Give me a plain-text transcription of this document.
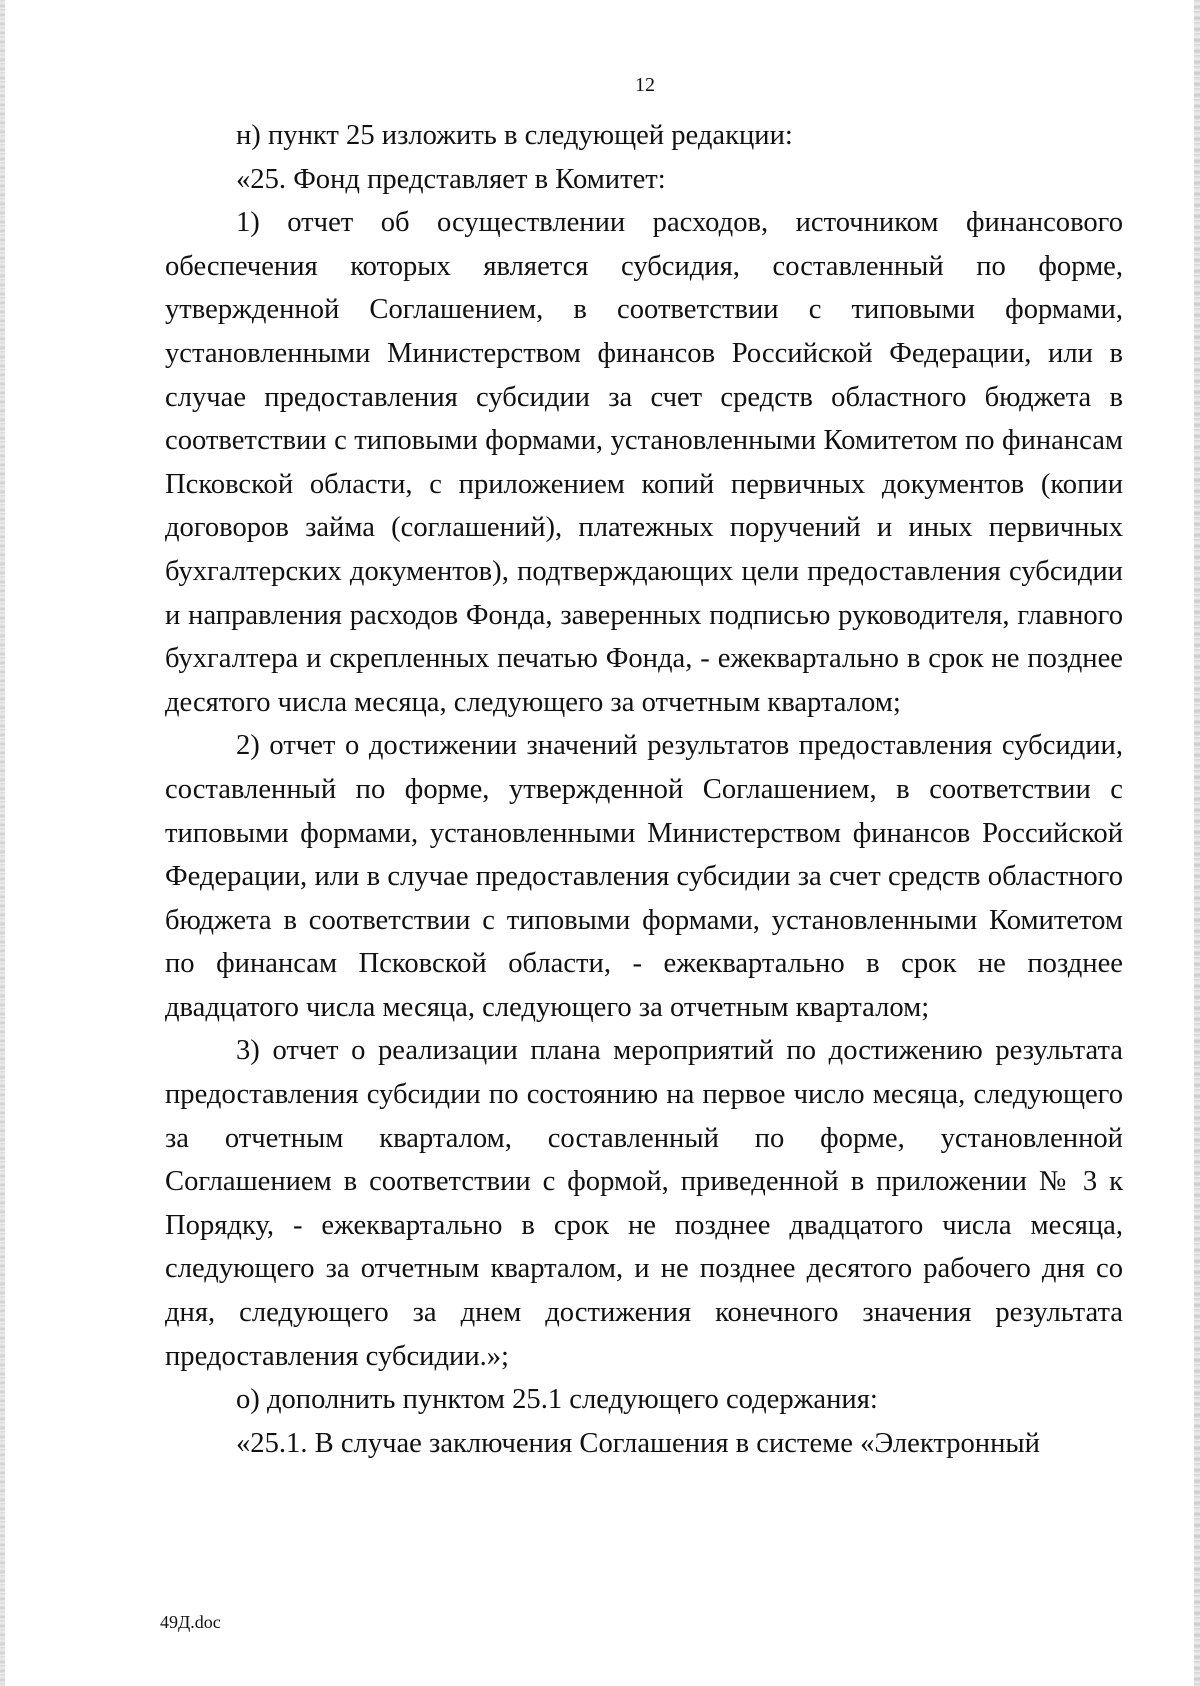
12

н) пункт 25 изложить в следующей редакции:

«25. Фонд представляет в Комитет:

1) отчет об осуществлении расходов, источником финансового обеспечения которых является субсидия, составленный по форме, утвержденной Соглашением, в соответствии с типовыми формами, установленными Министерством финансов Российской Федерации, или в случае предоставления субсидии за счет средств областного бюджета в соответствии с типовыми формами, установленными Комитетом по финансам Псковской области, с приложением копий первичных документов (копии договоров займа (соглашений), платежных поручений и иных первичных бухгалтерских документов), подтверждающих цели предоставления субсидии и направления расходов Фонда, заверенных подписью руководителя, главного бухгалтера и скрепленных печатью Фонда, - ежеквартально в срок не позднее десятого числа месяца, следующего за отчетным кварталом;

2) отчет о достижении значений результатов предоставления субсидии, составленный по форме, утвержденной Соглашением, в соответствии с типовыми формами, установленными Министерством финансов Российской Федерации, или в случае предоставления субсидии за счет средств областного бюджета в соответствии с типовыми формами, установленными Комитетом по финансам Псковской области, - ежеквартально в срок не позднее двадцатого числа месяца, следующего за отчетным кварталом;

3) отчет о реализации плана мероприятий по достижению результата предоставления субсидии по состоянию на первое число месяца, следующего за отчетным кварталом, составленный по форме, установленной Соглашением в соответствии с формой, приведенной в приложении № 3 к Порядку, - ежеквартально в срок не позднее двадцатого числа месяца, следующего за отчетным кварталом, и не позднее десятого рабочего дня со дня, следующего за днем достижения конечного значения результата предоставления субсидии.»;

о) дополнить пунктом 25.1 следующего содержания:

«25.1. В случае заключения Соглашения в системе «Электронный

49Д.doc
